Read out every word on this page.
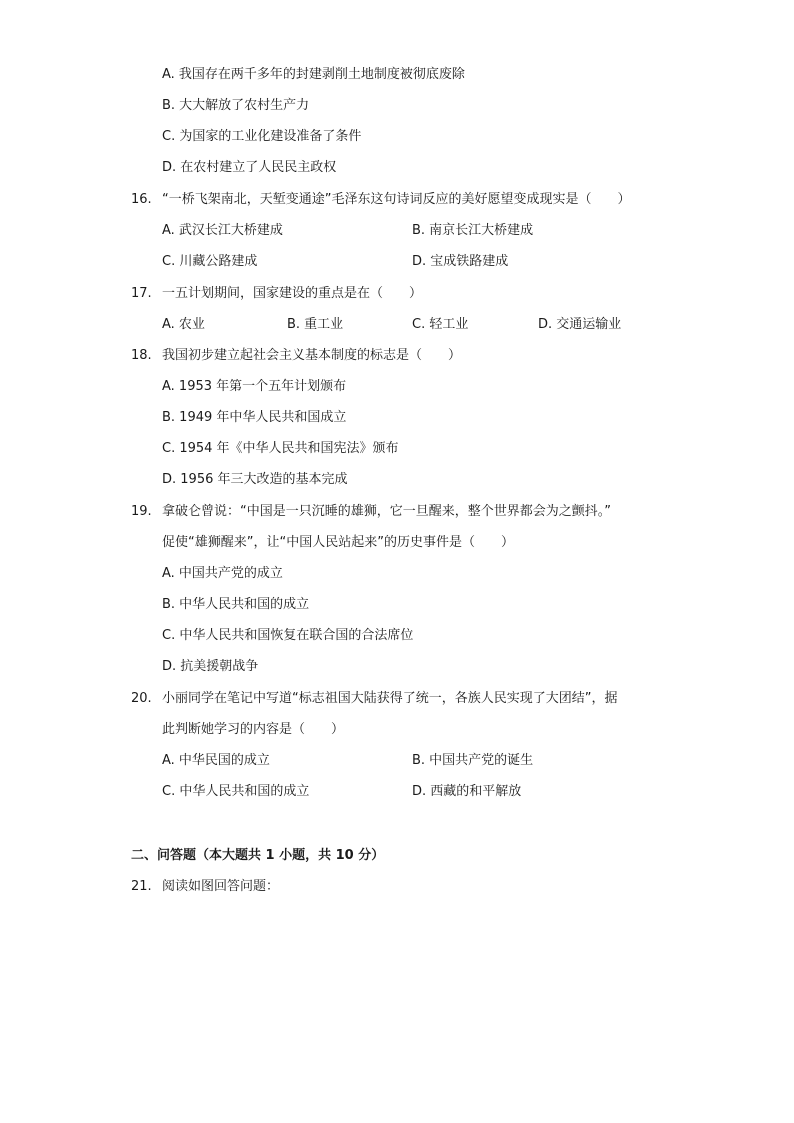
A. 我国存在两千多年的封建剥削土地制度被彻底废除
B. 大大解放了农村生产力
C. 为国家的工业化建设准备了条件
D. 在农村建立了人民民主政权
16. “一桥飞架南北，天堑变通途”毛泽东这句诗词反应的美好愿望变成现实是（　　）
A. 武汉长江大桥建成	B. 南京长江大桥建成
C. 川藏公路建成	D. 宝成铁路建成
17. 一五计划期间，国家建设的重点是在（　　）
A. 农业	B. 重工业	C. 轻工业	D. 交通运输业
18. 我国初步建立起社会主义基本制度的标志是（　　）
A. 1953 年第一个五年计划颁布
B. 1949 年中华人民共和国成立
C. 1954 年《中华人民共和国宪法》颁布
D. 1956 年三大改造的基本完成
19. 拿破仑曾说：“中国是一只沉睡的雄狮，它一旦醒来，整个世界都会为之颤抖。”
促使“雄狮醒来”，让“中国人民站起来”的历史事件是（　　）
A. 中国共产党的成立
B. 中华人民共和国的成立
C. 中华人民共和国恢复在联合国的合法席位
D. 抗美援朝战争
20. 小丽同学在笔记中写道“标志祖国大陆获得了统一，各族人民实现了大团结”，据
此判断她学习的内容是（　　）
A. 中华民国的成立	B. 中国共产党的诞生
C. 中华人民共和国的成立	D. 西藏的和平解放
二、问答题（本大题共 1 小题，共 10 分）
21. 阅读如图回答问题：
